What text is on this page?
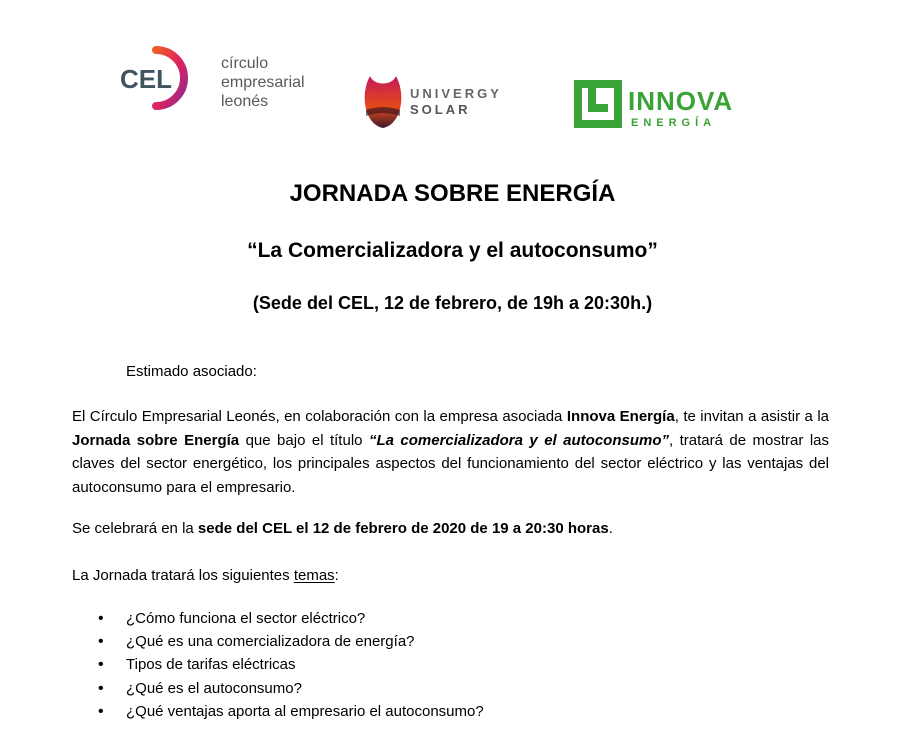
CEL
círculo
empresarial
leonés	UNIVERGY
SOLAR	INNOVA
ENERGÍA
JORNADA SOBRE ENERGÍA
“La Comercializadora y el autoconsumo”
(Sede del CEL, 12 de febrero, de 19h a 20:30h.)
Estimado asociado:
El Círculo Empresarial Leonés, en colaboración con la empresa asociada Innova Energía, te invitan a asistir a la Jornada sobre Energía que bajo el título “La comercializadora y el autoconsumo”, tratará de mostrar las claves del sector energético, los principales aspectos del funcionamiento del sector eléctrico y las ventajas del autoconsumo para el empresario.
Se celebrará en la sede del CEL el 12 de febrero de 2020 de 19 a 20:30 horas.
La Jornada tratará los siguientes temas:
• ¿Cómo funciona el sector eléctrico?
• ¿Qué es una comercializadora de energía?
• Tipos de tarifas eléctricas
• ¿Qué es el autoconsumo?
• ¿Qué ventajas aporta al empresario el autoconsumo?
